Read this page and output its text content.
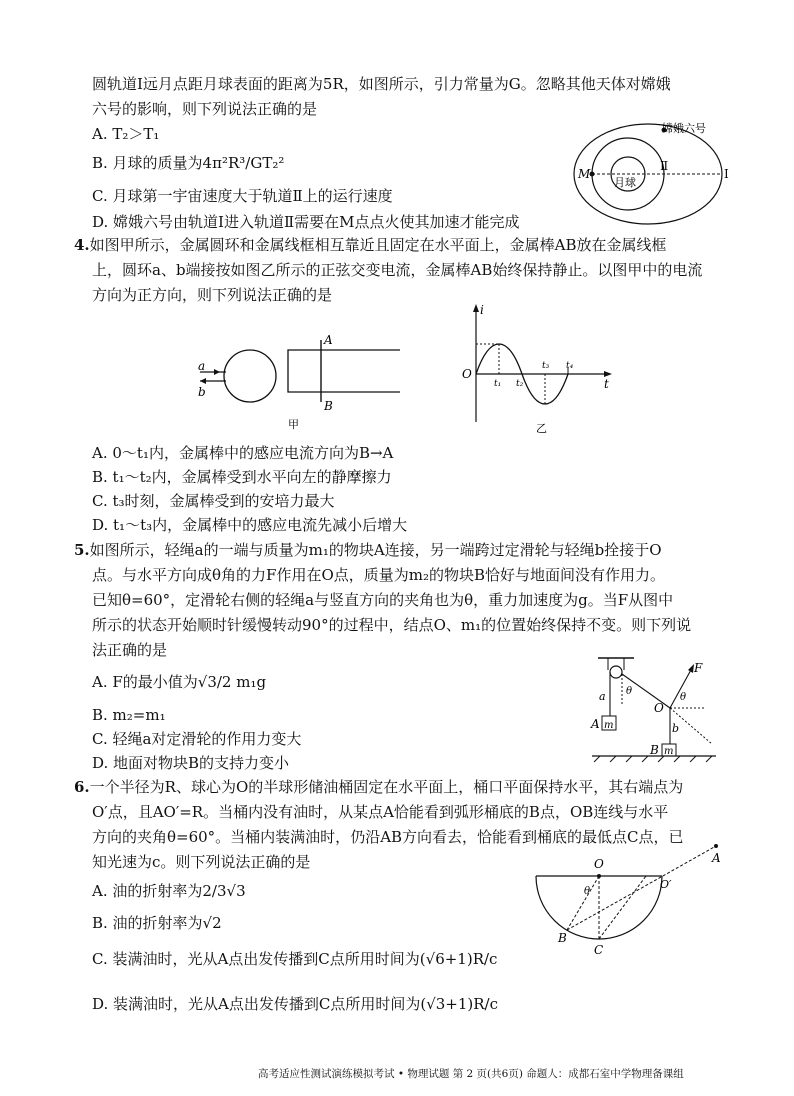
圆轨道Ⅰ远月点距月球表面的距离为5R，如图所示，引力常量为G。忽略其他天体对嫦娥
六号的影响，则下列说法正确的是
A. T₂＞T₁
B. 月球的质量为4π²R³/GT₂²
C. 月球第一宇宙速度大于轨道Ⅱ上的运行速度
D. 嫦娥六号由轨道Ⅰ进入轨道Ⅱ需要在M点点火使其加速才能完成
嫦娥六号
月球
M
Ⅱ
Ⅰ
4.如图甲所示，金属圆环和金属线框相互靠近且固定在水平面上，金属棒AB放在金属线框
上，圆环a、b端接按如图乙所示的正弦交变电流，金属棒AB始终保持静止。以图甲中的电流
方向为正方向，则下列说法正确的是
a
b
A
B
甲
i
O
t
t₁ t₂
t₃ t₄
乙
A. 0～t₁内，金属棒中的感应电流方向为B→A
B. t₁～t₂内，金属棒受到水平向左的静摩擦力
C. t₃时刻，金属棒受到的安培力最大
D. t₁～t₃内，金属棒中的感应电流先减小后增大
5.如图所示，轻绳a的一端与质量为m₁的物块A连接，另一端跨过定滑轮与轻绳b拴接于O
点。与水平方向成θ角的力F作用在O点，质量为m₂的物块B恰好与地面间没有作用力。
已知θ=60°，定滑轮右侧的轻绳a与竖直方向的夹角也为θ，重力加速度为g。当F从图中
所示的状态开始顺时针缓慢转动90°的过程中，结点O、m₁的位置始终保持不变。则下列说
法正确的是
A. F的最小值为√3/2 m₁g
B. m₂=m₁
C. 轻绳a对定滑轮的作用力变大
D. 地面对物块B的支持力变小
F
θ
θ
a
b
O
A
B
m
m
6.一个半径为R、球心为O的半球形储油桶固定在水平面上，桶口平面保持水平，其右端点为
O′点，且AO′=R。当桶内没有油时，从某点A恰能看到弧形桶底的B点，OB连线与水平
方向的夹角θ=60°。当桶内装满油时，仍沿AB方向看去，恰能看到桶底的最低点C点，已
知光速为c。则下列说法正确的是
A. 油的折射率为2/3√3
B. 油的折射率为√2
C. 装满油时，光从A点出发传播到C点所用时间为(√6+1)R/c
D. 装满油时，光从A点出发传播到C点所用时间为(√3+1)R/c
O
O′
A
B
C
θ
高考适应性测试演练模拟考试 • 物理试题 第 2 页(共6页) 命题人：成都石室中学物理备课组
